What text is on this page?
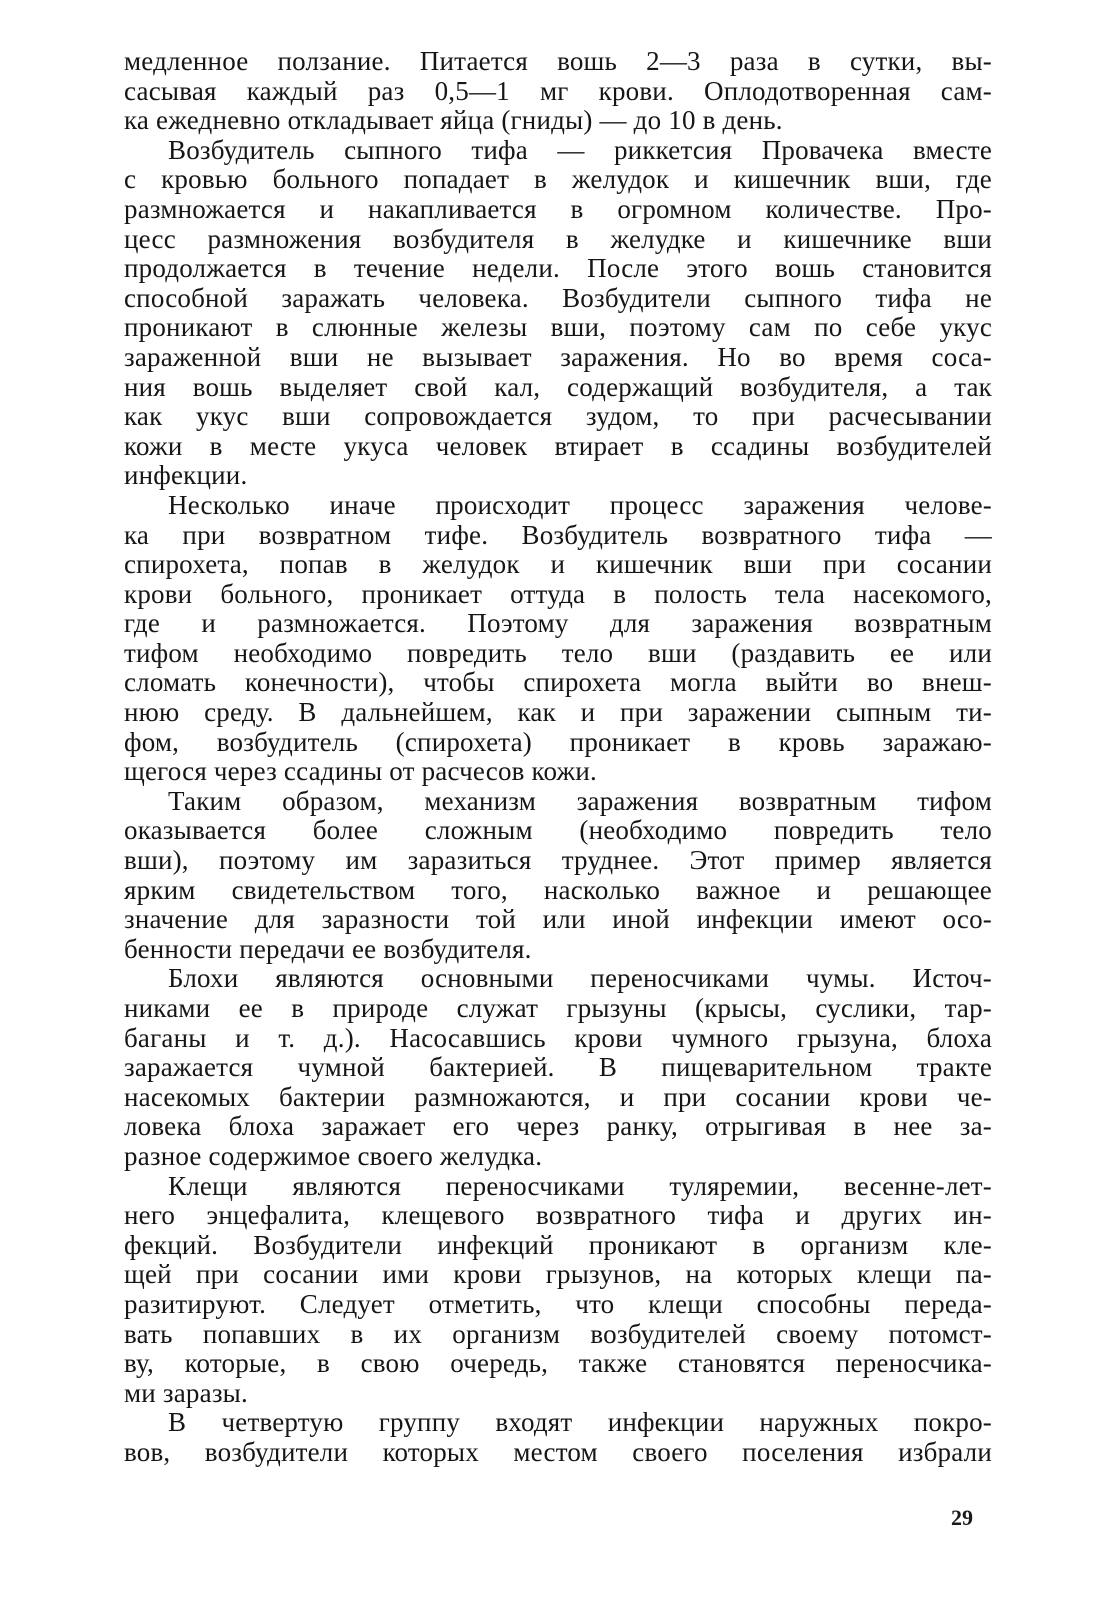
медленное ползание. Питается вошь 2—3 раза в сутки, вы-
сасывая каждый раз 0,5—1 мг крови. Оплодотворенная сам-
ка ежедневно откладывает яйца (гниды) — до 10 в день.
Возбудитель сыпного тифа — риккетсия Провачека вместе
с кровью больного попадает в желудок и кишечник вши, где
размножается и накапливается в огромном количестве. Про-
цесс размножения возбудителя в желудке и кишечнике вши
продолжается в течение недели. После этого вошь становится
способной заражать человека. Возбудители сыпного тифа не
проникают в слюнные железы вши, поэтому сам по себе укус
зараженной вши не вызывает заражения. Но во время соса-
ния вошь выделяет свой кал, содержащий возбудителя, а так
как укус вши сопровождается зудом, то при расчесывании
кожи в месте укуса человек втирает в ссадины возбудителей
инфекции.
Несколько иначе происходит процесс заражения челове-
ка при возвратном тифе. Возбудитель возвратного тифа —
спирохета, попав в желудок и кишечник вши при сосании
крови больного, проникает оттуда в полость тела насекомого,
где и размножается. Поэтому для заражения возвратным
тифом необходимо повредить тело вши (раздавить ее или
сломать конечности), чтобы спирохета могла выйти во внеш-
нюю среду. В дальнейшем, как и при заражении сыпным ти-
фом, возбудитель (спирохета) проникает в кровь заражаю-
щегося через ссадины от расчесов кожи.
Таким образом, механизм заражения возвратным тифом
оказывается более сложным (необходимо повредить тело
вши), поэтому им заразиться труднее. Этот пример является
ярким свидетельством того, насколько важное и решающее
значение для заразности той или иной инфекции имеют осо-
бенности передачи ее возбудителя.
Блохи являются основными переносчиками чумы. Источ-
никами ее в природе служат грызуны (крысы, суслики, тар-
баганы и т. д.). Насосавшись крови чумного грызуна, блоха
заражается чумной бактерией. В пищеварительном тракте
насекомых бактерии размножаются, и при сосании крови че-
ловека блоха заражает его через ранку, отрыгивая в нее за-
разное содержимое своего желудка.
Клещи являются переносчиками туляремии, весенне-лет-
него энцефалита, клещевого возвратного тифа и других ин-
фекций. Возбудители инфекций проникают в организм кле-
щей при сосании ими крови грызунов, на которых клещи па-
разитируют. Следует отметить, что клещи способны переда-
вать попавших в их организм возбудителей своему потомст-
ву, которые, в свою очередь, также становятся переносчика-
ми заразы.
В четвертую группу входят инфекции наружных покро-
вов, возбудители которых местом своего поселения избрали
29
